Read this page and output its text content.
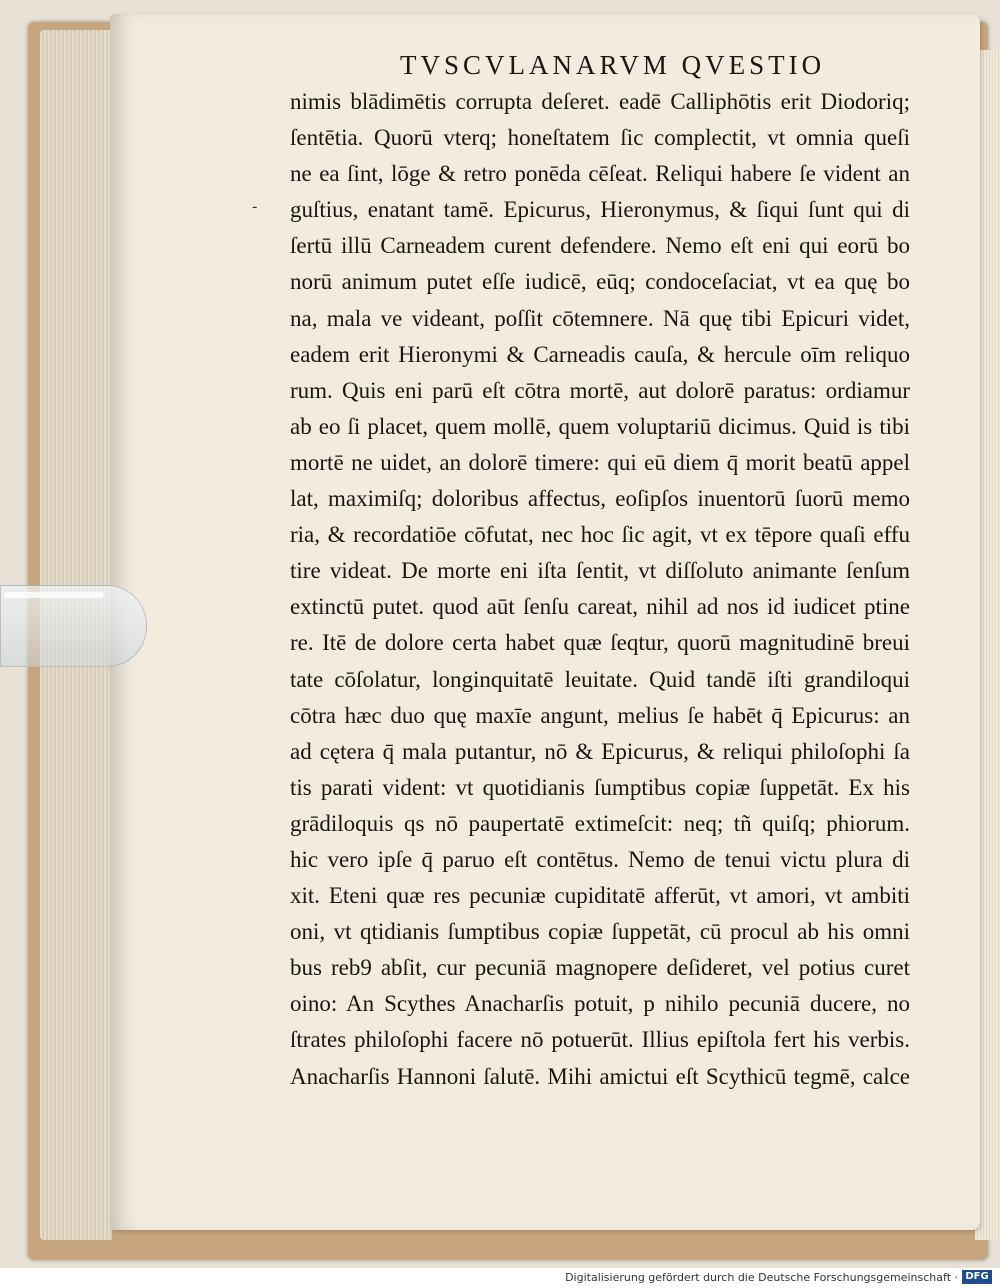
TVSCVLANARVM QVESTIO
-
nimis blādimētis corrupta deſeret. eadē Calliphōtis erit Diodoriq;
ſentētia. Quorū vterq; honeſtatem ſic complectit, vt omnia queſi
ne ea ſint, lōge & retro ponēda cēſeat. Reliqui habere ſe vident an
guſtius, enatant tamē. Epicurus, Hieronymus, & ſiqui ſunt qui di
ſertū illū Carneadem curent defendere. Nemo eſt eni qui eorū bo
norū animum putet eſſe iudicē, eūq; condoceſaciat, vt ea quę bo
na, mala ve videant, poſſit cōtemnere. Nā quę tibi Epicuri videt,
eadem erit Hieronymi & Carneadis cauſa, & hercule oīm reliquo
rum. Quis eni parū eſt cōtra mortē, aut dolorē paratus: ordiamur
ab eo ſi placet, quem mollē, quem voluptariū dicimus. Quid is tibi
mortē ne uidet, an dolorē timere: qui eū diem q̄ morit beatū appel
lat, maximiſq; doloribus affectus, eoſipſos inuentorū ſuorū memo
ria, & recordatiōe cōfutat, nec hoc ſic agit, vt ex tēpore quaſi effu
tire videat. De morte eni iſta ſentit, vt diſſoluto animante ſenſum
extinctū putet. quod aūt ſenſu careat, nihil ad nos id iudicet ptine
re. Itē de dolore certa habet quæ ſeqtur, quorū magnitudinē breui
tate cōſolatur, longinquitatē leuitate. Quid tandē iſti grandiloqui
cōtra hæc duo quę maxīe angunt, melius ſe habēt q̄ Epicurus: an
ad cętera q̄ mala putantur, nō & Epicurus, & reliqui philoſophi ſa
tis parati vident: vt quotidianis ſumptibus copiæ ſuppetāt. Ex his
grādiloquis qs nō paupertatē extimeſcit: neq; tñ quiſq; phiorum.
hic vero ipſe q̄ paruo eſt contētus. Nemo de tenui victu plura di
xit. Eteni quæ res pecuniæ cupiditatē afferūt, vt amori, vt ambiti
oni, vt qtidianis ſumptibus copiæ ſuppetāt, cū procul ab his omni
bus reb9 abſit, cur pecuniā magnopere deſideret, vel potius curet
oino: An Scythes Anacharſis potuit, p nihilo pecuniā ducere, no
ſtrates philoſophi facere nō potuerūt. Illius epiſtola fert his verbis.
Anacharſis Hannoni ſalutē. Mihi amictui eſt Scythicū tegmē, calce
Digitalisierung gefördert durch die Deutsche Forschungsgemeinschaft · DFG
